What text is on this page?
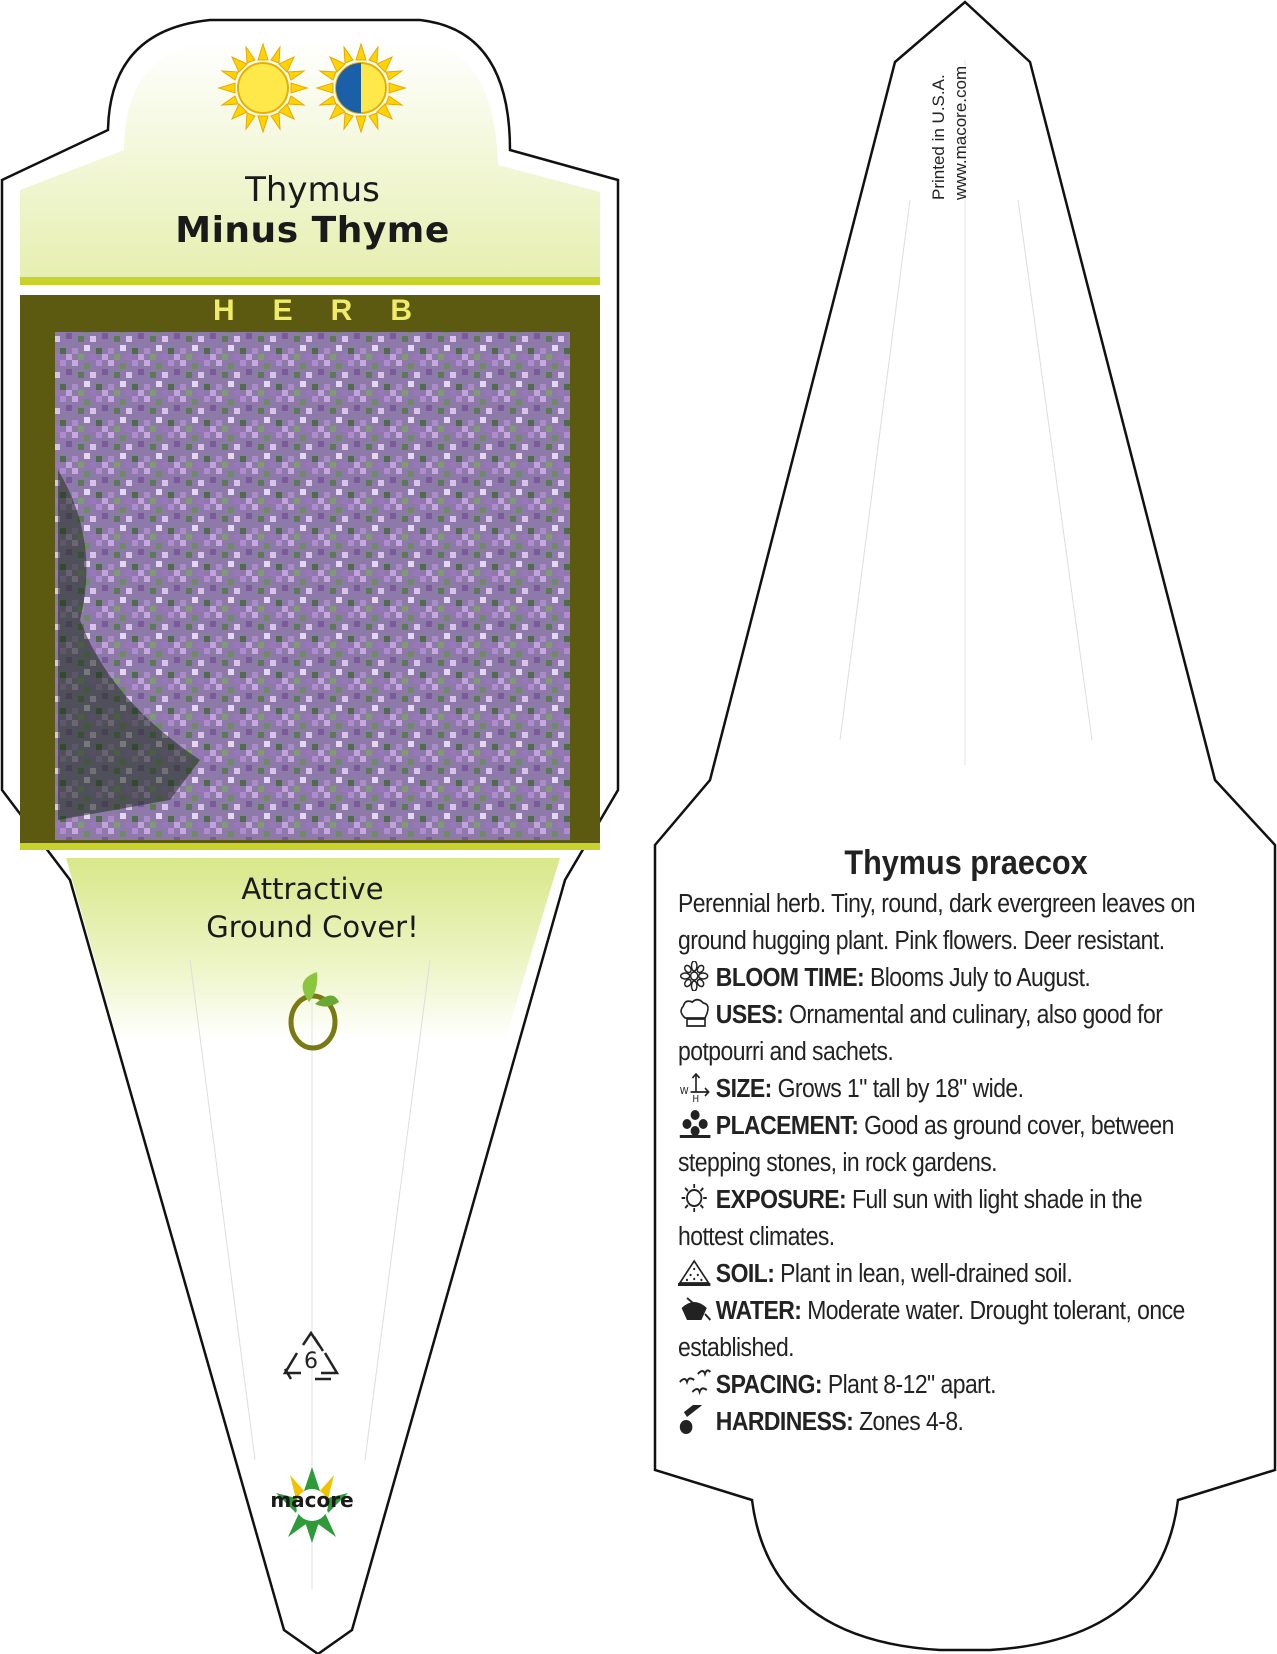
Thymus
Minus Thyme
HERB
Attractive
Ground Cover!
6
macore
Printed in U.S.A. www.macore.com
Thymus praecox
Perennial herb. Tiny, round, dark evergreen leaves on ground hugging plant. Pink flowers. Deer resistant.
BLOOM TIME: Blooms July to August.
USES: Ornamental and culinary, also good for potpourri and sachets.
W
H SIZE: Grows 1" tall by 18" wide.
PLACEMENT: Good as ground cover, between stepping stones, in rock gardens.
EXPOSURE: Full sun with light shade in the hottest climates.
SOIL: Plant in lean, well-drained soil.
WATER: Moderate water. Drought tolerant, once established.
SPACING: Plant 8-12" apart.
HARDINESS: Zones 4-8.
